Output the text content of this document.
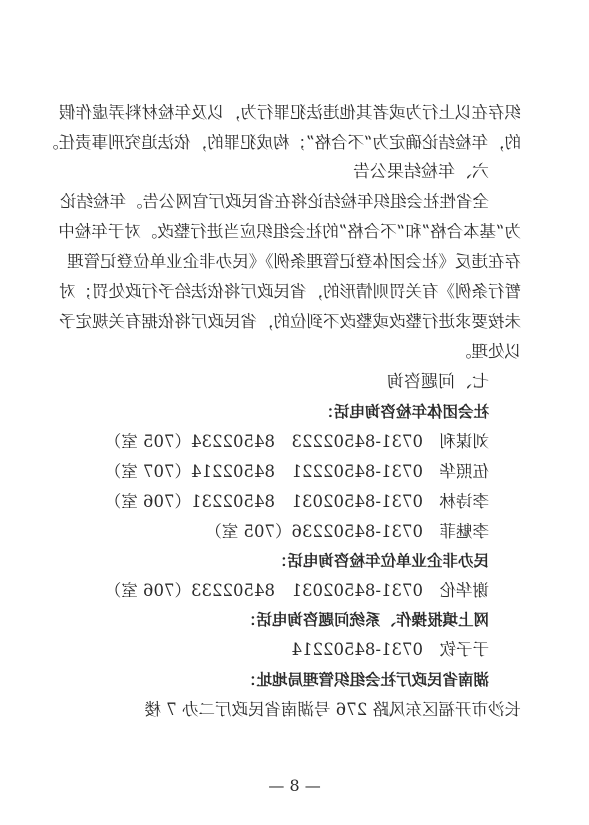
织存在以上行为或者其他违法犯罪行为，以及年检材料弄虚作假
的，年检结论确定为“不合格”；构成犯罪的，依法追究刑事责任。
六、年检结果公告
全省性社会组织年检结论将在省民政厅官网公告。年检结论
为“基本合格”和“不合格”的社会组织应当进行整改。对于年检中
存在违反《社会团体登记管理条例》《民办非企业单位登记管理
暂行条例》有关罚则情形的，省民政厅将依法给予行政处罚；对
未按要求进行整改或整改不到位的，省民政厅将依据有关规定予
以处理。
七、问题咨询
社会团体年检咨询电话：
刘谋利　0731-84502223　84502234（705 室）
伍照华　0731-84502221　84502214（707 室）
李诗林　0731-84502031　84502231（706 室）
李魅菲　0731-84502236（705 室）
民办非企业单位年检咨询电话：
谢华伦　0731-84502031　84502233（706 室）
网上填报操作、系统问题咨询电话：
于子钦　0731-84502214
湖南省民政厅社会组织管理局地址：
长沙市开福区东风路 276 号湖南省民政厅二办 7 楼
— 8 —
